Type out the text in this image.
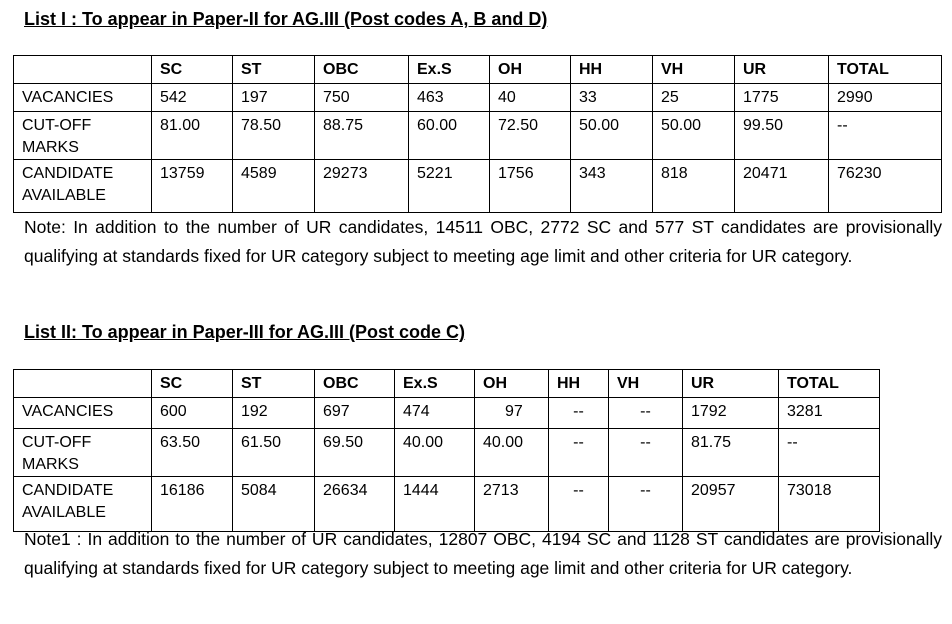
List I : To appear in Paper-II for AG.III (Post codes A, B and D)
	SC	ST	OBC	Ex.S	OH	HH	VH	UR	TOTAL
VACANCIES	542	197	750	463	40	33	25	1775	2990
CUT-OFF MARKS	81.00	78.50	88.75	60.00	72.50	50.00	50.00	99.50	--
CANDIDATE AVAILABLE	13759	4589	29273	5221	1756	343	818	20471	76230
Note: In addition to the number of UR candidates, 14511 OBC, 2772 SC and 577 ST candidates are provisionally qualifying at standards fixed for UR category subject to meeting age limit and other criteria for UR category.
List II: To appear in Paper-III for AG.III (Post code C)
	SC	ST	OBC	Ex.S	OH	HH	VH	UR	TOTAL
VACANCIES	600	192	697	474	97	--	--	1792	3281
CUT-OFF MARKS	63.50	61.50	69.50	40.00	40.00	--	--	81.75	--
CANDIDATE AVAILABLE	16186	5084	26634	1444	2713	--	--	20957	73018
Note1 : In addition to the number of UR candidates, 12807 OBC, 4194 SC and 1128 ST candidates are provisionally qualifying at standards fixed for UR category subject to meeting age limit and other criteria for UR category.
